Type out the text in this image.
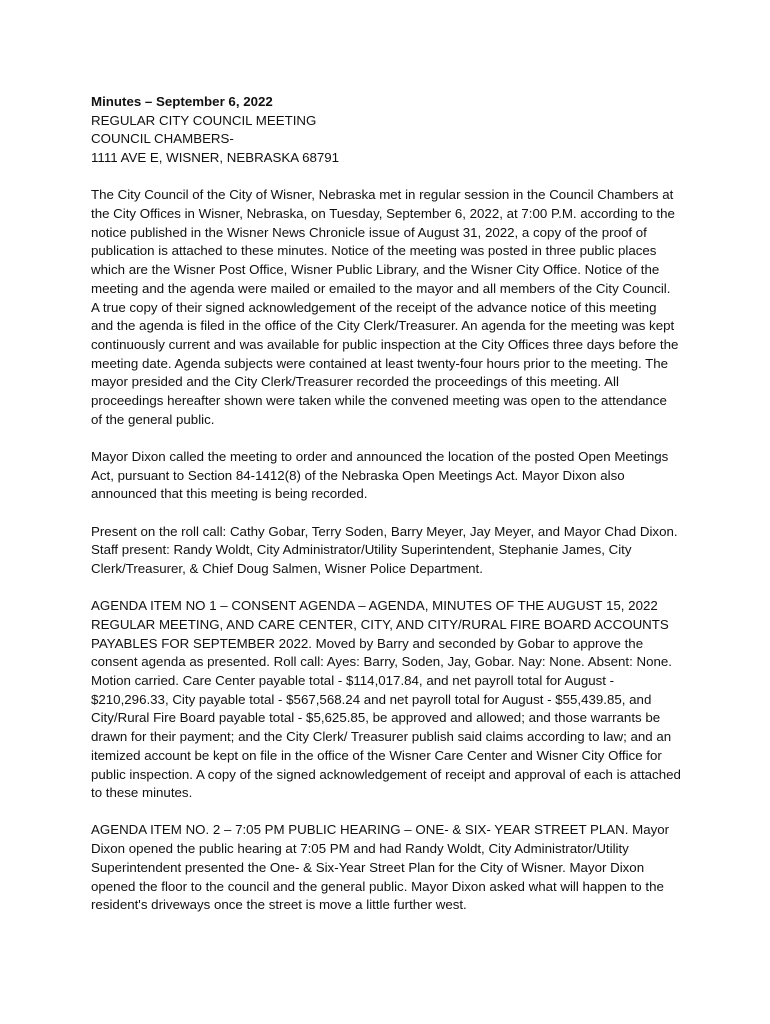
Minutes – September 6, 2022
REGULAR CITY COUNCIL MEETING
COUNCIL CHAMBERS-
1111 AVE E, WISNER, NEBRASKA 68791

The City Council of the City of Wisner, Nebraska met in regular session in the Council Chambers at the City Offices in Wisner, Nebraska, on Tuesday, September 6, 2022, at 7:00 P.M. according to the notice published in the Wisner News Chronicle issue of August 31, 2022, a copy of the proof of publication is attached to these minutes. Notice of the meeting was posted in three public places which are the Wisner Post Office, Wisner Public Library, and the Wisner City Office. Notice of the meeting and the agenda were mailed or emailed to the mayor and all members of the City Council. A true copy of their signed acknowledgement of the receipt of the advance notice of this meeting and the agenda is filed in the office of the City Clerk/Treasurer. An agenda for the meeting was kept continuously current and was available for public inspection at the City Offices three days before the meeting date. Agenda subjects were contained at least twenty-four hours prior to the meeting. The mayor presided and the City Clerk/Treasurer recorded the proceedings of this meeting. All proceedings hereafter shown were taken while the convened meeting was open to the attendance of the general public.

Mayor Dixon called the meeting to order and announced the location of the posted Open Meetings Act, pursuant to Section 84-1412(8) of the Nebraska Open Meetings Act. Mayor Dixon also announced that this meeting is being recorded.

Present on the roll call: Cathy Gobar, Terry Soden, Barry Meyer, Jay Meyer, and Mayor Chad Dixon. Staff present: Randy Woldt, City Administrator/Utility Superintendent, Stephanie James, City Clerk/Treasurer, & Chief Doug Salmen, Wisner Police Department.

AGENDA ITEM NO 1 – CONSENT AGENDA – AGENDA, MINUTES OF THE AUGUST 15, 2022 REGULAR MEETING, AND CARE CENTER, CITY, AND CITY/RURAL FIRE BOARD ACCOUNTS PAYABLES FOR SEPTEMBER 2022. Moved by Barry and seconded by Gobar to approve the consent agenda as presented. Roll call: Ayes: Barry, Soden, Jay, Gobar. Nay: None. Absent: None. Motion carried. Care Center payable total - $114,017.84, and net payroll total for August - $210,296.33, City payable total - $567,568.24 and net payroll total for August - $55,439.85, and City/Rural Fire Board payable total - $5,625.85, be approved and allowed; and those warrants be drawn for their payment; and the City Clerk/ Treasurer publish said claims according to law; and an itemized account be kept on file in the office of the Wisner Care Center and Wisner City Office for public inspection. A copy of the signed acknowledgement of receipt and approval of each is attached to these minutes.

AGENDA ITEM NO. 2 – 7:05 PM PUBLIC HEARING – ONE- & SIX- YEAR STREET PLAN. Mayor Dixon opened the public hearing at 7:05 PM and had Randy Woldt, City Administrator/Utility Superintendent presented the One- & Six-Year Street Plan for the City of Wisner. Mayor Dixon opened the floor to the council and the general public. Mayor Dixon asked what will happen to the resident's driveways once the street is move a little further west.
